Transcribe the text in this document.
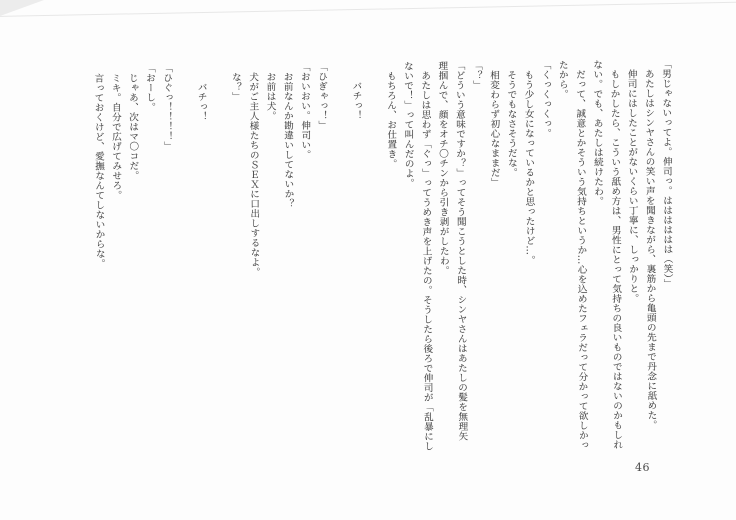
「男じゃないってよ。伸司っ。はははははは（笑）」

　あたしはシンヤさんの笑い声を聞きながら、裏筋から亀頭の先まで丹念に舐めた。

　伸司にはしたことがないくらい丁寧に、しっかりと。

　もしかしたら、こういう舐め方は、男性にとって気持ちの良いものではないのかもしれ

ない。でも、あたしは続けたわ。

　だって、誠意とかそういう気持ちというか…心を込めたフェラだって分かって欲しかっ

たから。

「くっくっくっ。

　もう少し女になっているかと思ったけど…。

　そうでもなさそうだな。

　相変わらず初心なままだ」

「？」

「どういう意味ですか？」ってそう聞こうとした時、シンヤさんはあたしの髪を無理矢

理掴んで、顔をオチ〇チンから引き剥がしたわ。

　あたしは思わず「ぐっ」ってうめき声を上げたの。そうしたら後ろで伸司が「乱暴にし

ないで！」って叫んだのよ。

　もちろん、お仕置き。

　　バチっ！

「ひぎゃっ！」

「おいおい。伸司い。

　お前なんか勘違いしてないか？

　お前は犬。

　犬がご主人様たちのＳＥＸに口出しするなよ。

　な？」

　　バチっ！

「ひぐっ！！！！」

「おーし。

　じゃあ、次はマ〇コだ。

　ミキ。自分で広げてみせろ。

　言っておくけど、愛撫なんてしないからな。

46
